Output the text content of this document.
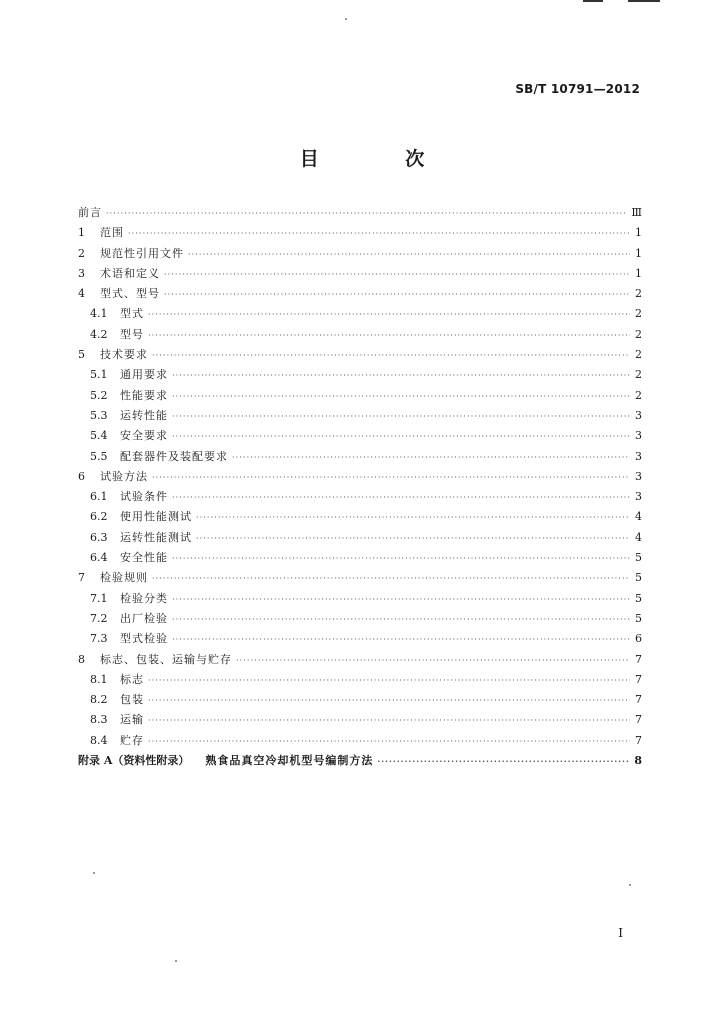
SB/T 10791—2012
目 次
前言 ·····	Ⅲ
1	范围 ·····	1
2	规范性引用文件 ·····	1
3	术语和定义 ·····	1
4	型式、型号 ·····	2
4.1	型式 ·····	2
4.2	型号 ·····	2
5	技术要求 ·····	2
5.1	通用要求 ·····	2
5.2	性能要求 ·····	2
5.3	运转性能 ·····	3
5.4	安全要求 ·····	3
5.5	配套器件及装配要求 ·····	3
6	试验方法 ·····	3
6.1	试验条件 ·····	3
6.2	使用性能测试 ·····	4
6.3	运转性能测试 ·····	4
6.4	安全性能 ·····	5
7	检验规则 ·····	5
7.1	检验分类 ·····	5
7.2	出厂检验 ·····	5
7.3	型式检验 ·····	6
8	标志、包装、运输与贮存 ·····	7
8.1	标志 ·····	7
8.2	包装 ·····	7
8.3	运输 ·····	7
8.4	贮存 ·····	7
附录 A（资料性附录） 熟食品真空冷却机型号编制方法 ·····	8
I
